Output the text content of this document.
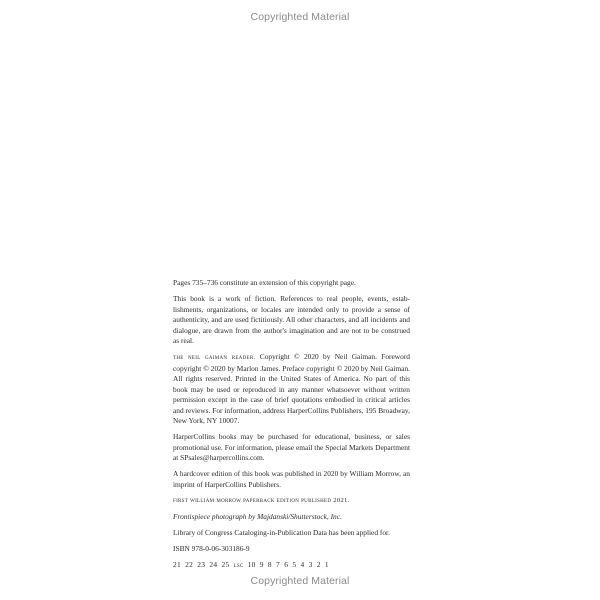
Copyrighted Material

Pages 735–736 constitute an extension of this copyright page.

This book is a work of fiction. References to real people, events, establishments, organizations, or locales are intended only to provide a sense of authenticity, and are used fictitiously. All other characters, and all incidents and dialogue, are drawn from the author's imagination and are not to be construed as real.

the neil gaiman reader. Copyright © 2020 by Neil Gaiman. Foreword copyright © 2020 by Marlon James. Preface copyright © 2020 by Neil Gaiman. All rights reserved. Printed in the United States of America. No part of this book may be used or reproduced in any manner whatsoever without written permission except in the case of brief quotations embodied in critical articles and reviews. For information, address HarperCollins Publishers, 195 Broadway, New York, NY 10007.

HarperCollins books may be purchased for educational, business, or sales promotional use. For information, please email the Special Markets Department at SPsales@harpercollins.com.

A hardcover edition of this book was published in 2020 by William Morrow, an imprint of HarperCollins Publishers.

first william morrow paperback edition published 2021.

Frontispiece photograph by Majdanski/Shutterstock, Inc.

Library of Congress Cataloging-in-Publication Data has been applied for.

ISBN 978-0-06-303186-9

21 22 23 24 25 lsc 10 9 8 7 6 5 4 3 2 1

Copyrighted Material
